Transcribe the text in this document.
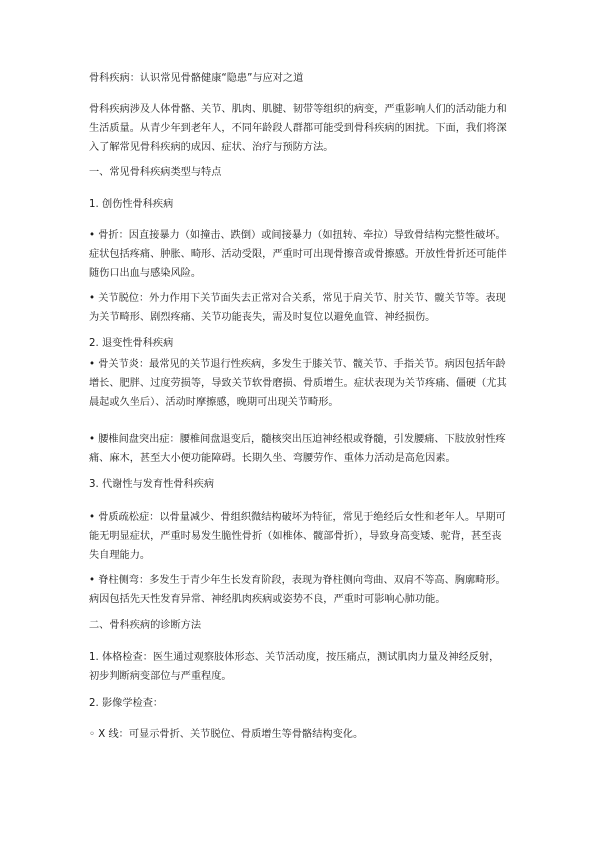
骨科疾病：认识常见骨骼健康“隐患”与应对之道

骨科疾病涉及人体骨骼、关节、肌肉、肌腱、韧带等组织的病变，严重影响人们的活动能力和生活质量。从青少年到老年人，不同年龄段人群都可能受到骨科疾病的困扰。下面，我们将深入了解常见骨科疾病的成因、症状、治疗与预防方法。

一、常见骨科疾病类型与特点

1. 创伤性骨科疾病

• 骨折：因直接暴力（如撞击、跌倒）或间接暴力（如扭转、牵拉）导致骨结构完整性破坏。症状包括疼痛、肿胀、畸形、活动受限，严重时可出现骨擦音或骨擦感。开放性骨折还可能伴随伤口出血与感染风险。

• 关节脱位：外力作用下关节面失去正常对合关系，常见于肩关节、肘关节、髋关节等。表现为关节畸形、剧烈疼痛、关节功能丧失，需及时复位以避免血管、神经损伤。

2. 退变性骨科疾病

• 骨关节炎：最常见的关节退行性疾病，多发生于膝关节、髋关节、手指关节。病因包括年龄增长、肥胖、过度劳损等，导致关节软骨磨损、骨质增生。症状表现为关节疼痛、僵硬（尤其晨起或久坐后）、活动时摩擦感，晚期可出现关节畸形。

• 腰椎间盘突出症：腰椎间盘退变后，髓核突出压迫神经根或脊髓，引发腰痛、下肢放射性疼痛、麻木，甚至大小便功能障碍。长期久坐、弯腰劳作、重体力活动是高危因素。

3. 代谢性与发育性骨科疾病

• 骨质疏松症：以骨量减少、骨组织微结构破坏为特征，常见于绝经后女性和老年人。早期可能无明显症状，严重时易发生脆性骨折（如椎体、髋部骨折），导致身高变矮、驼背，甚至丧失自理能力。

• 脊柱侧弯：多发生于青少年生长发育阶段，表现为脊柱侧向弯曲、双肩不等高、胸廓畸形。病因包括先天性发育异常、神经肌肉疾病或姿势不良，严重时可影响心肺功能。

二、骨科疾病的诊断方法

1. 体格检查：医生通过观察肢体形态、关节活动度，按压痛点，测试肌肉力量及神经反射，初步判断病变部位与严重程度。

2. 影像学检查：

◦ X 线：可显示骨折、关节脱位、骨质增生等骨骼结构变化。
